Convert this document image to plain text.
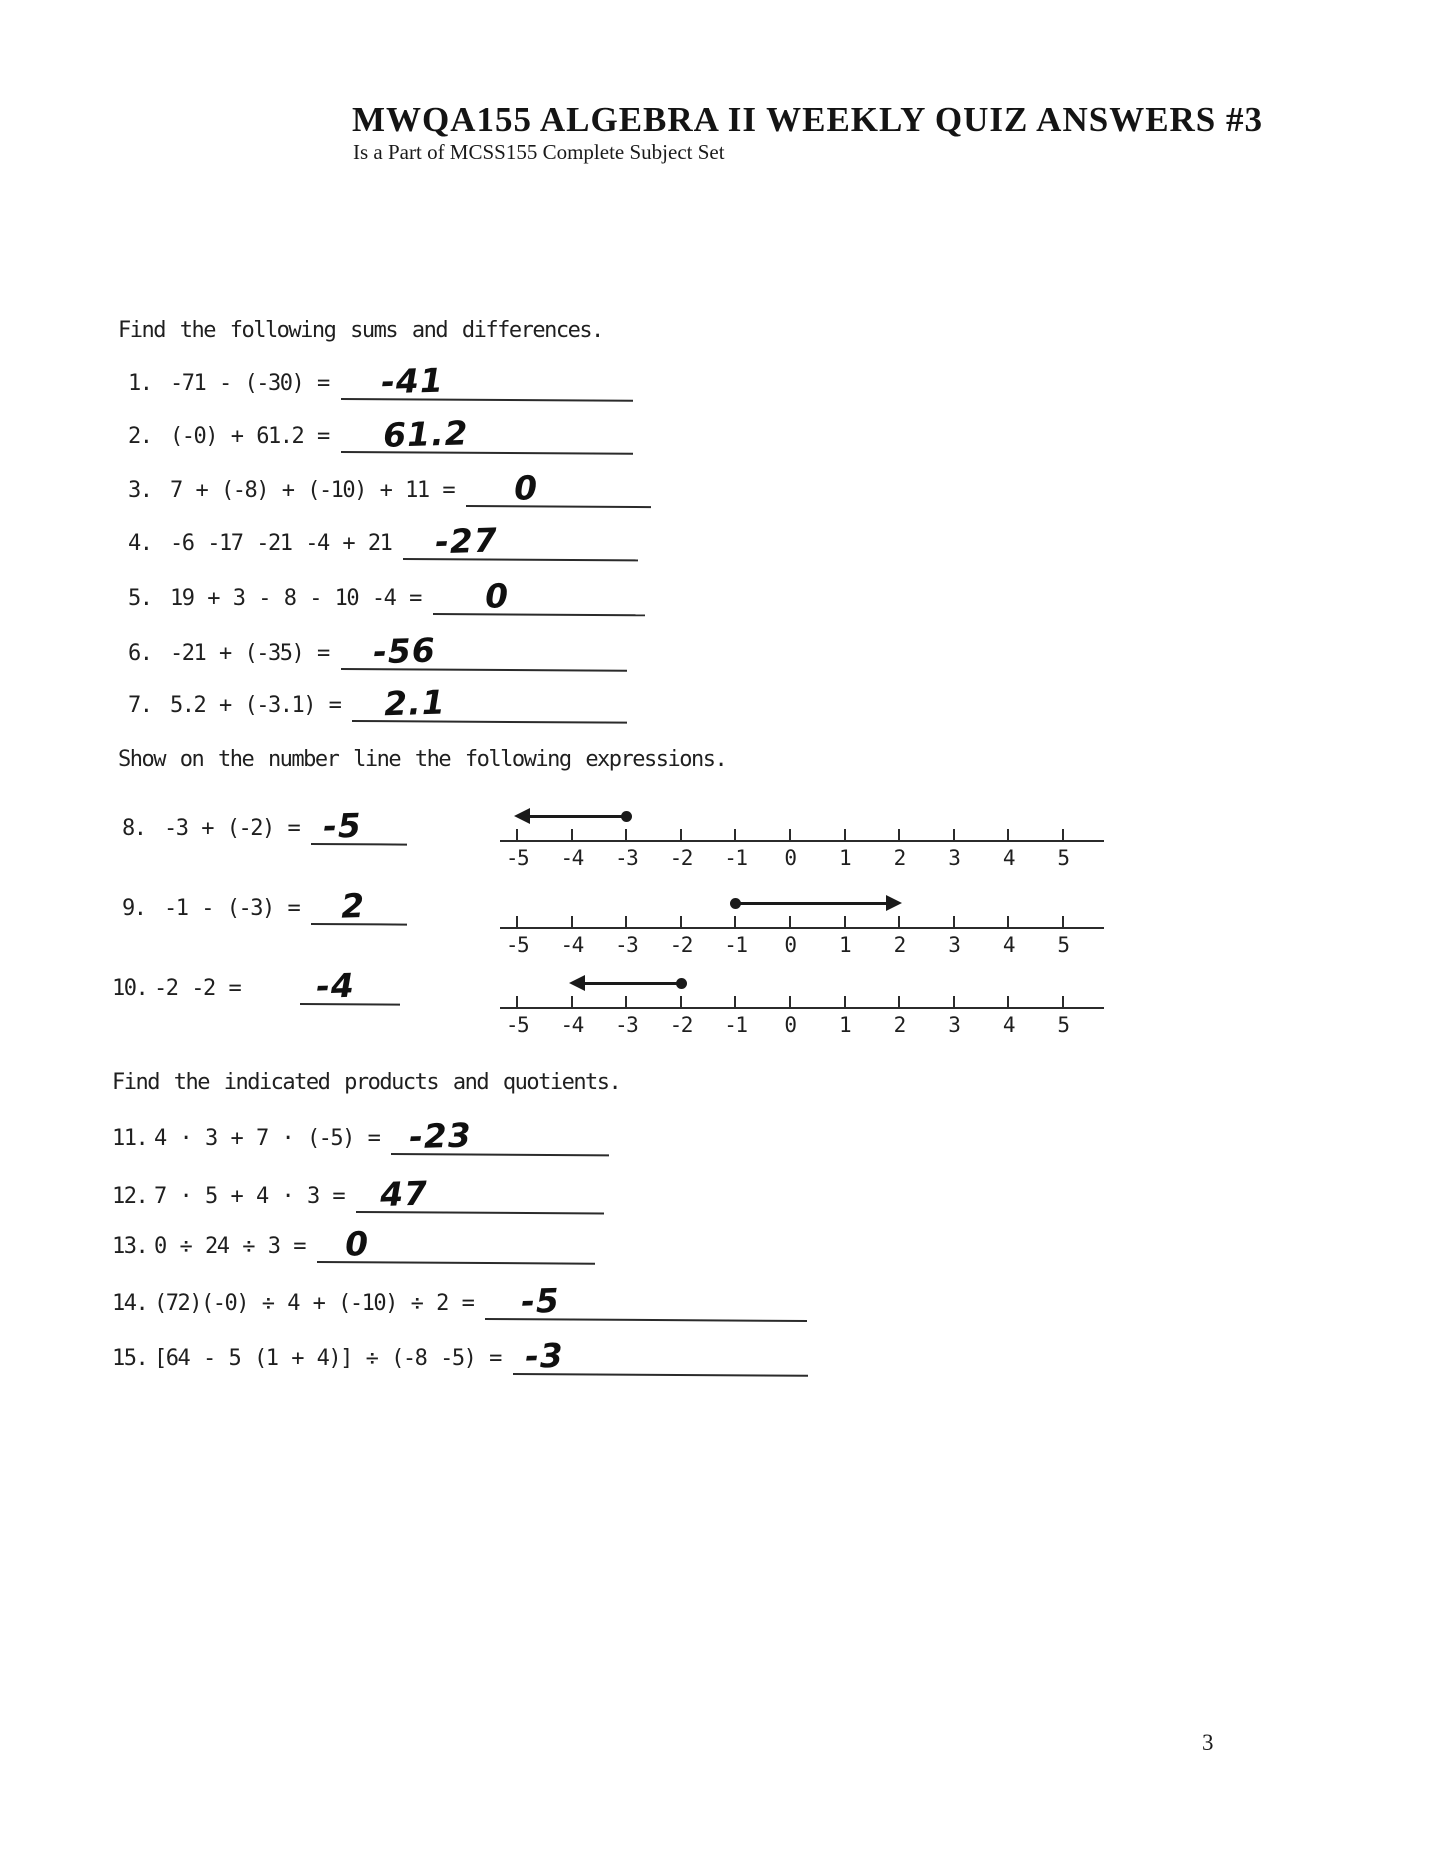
MWQA155 ALGEBRA II WEEKLY QUIZ ANSWERS #3
Is a Part of MCSS155 Complete Subject Set
Find the following sums and differences.
1. -71 - (-30) = -41
2. (-0) + 61.2 = 61.2
3. 7 + (-8) + (-10) + 11 = 0
4. -6 -17 -21 -4 + 21 -27
5. 19 + 3 - 8 - 10 -4 = 0
6. -21 + (-35) = -56
7. 5.2 + (-3.1) = 2.1
Show on the number line the following expressions.
8. -3 + (-2) = -5
-5 -4 -3 -2 -1	0	1	2	3	4	5
9. -1 - (-3) = 2
-5 -4 -3 -2 -1	0	1	2	3	4	5
10. -2 -2 = -4
-5 -4 -3 -2 -1	0	1	2	3	4	5
Find the indicated products and quotients.
11. 4 · 3 + 7 · (-5) = -23
12. 7 · 5 + 4 · 3 = 47
13. 0 ÷ 24 ÷ 3 = 0
14. (72)(-0) ÷ 4 + (-10) ÷ 2 = -5
15. [64 - 5 (1 + 4)] ÷ (-8 -5) = -3
3
